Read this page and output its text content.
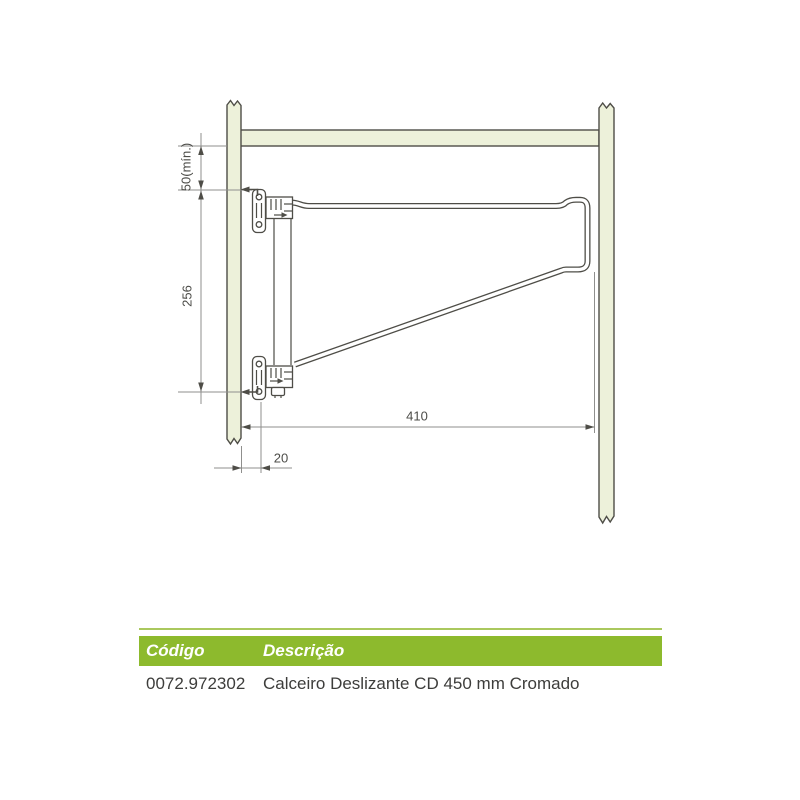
50(mín.)
256
410
20
Código	Descrição
0072.972302	Calceiro Deslizante CD 450 mm Cromado
